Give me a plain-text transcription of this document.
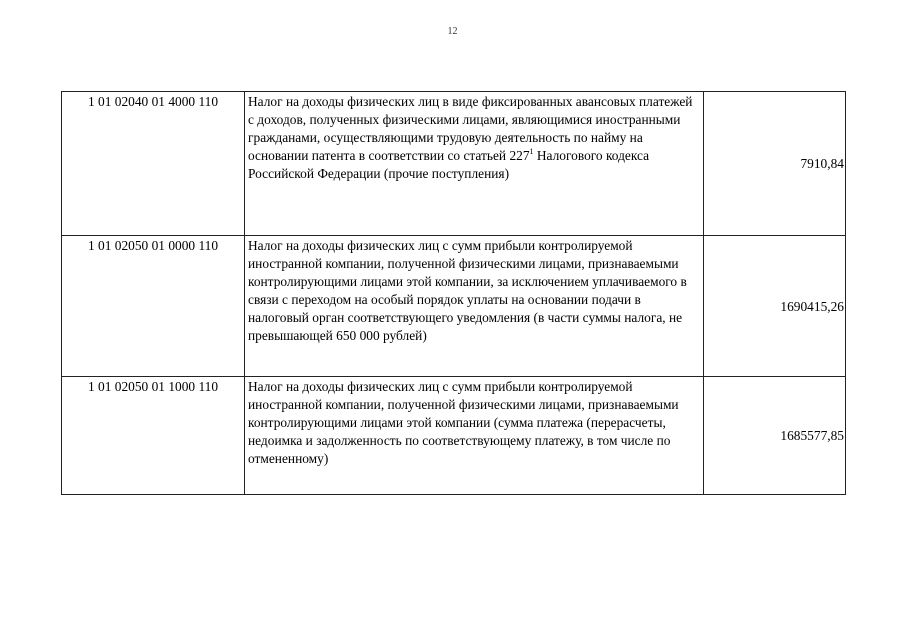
12
1 01 02040 01 4000 110	Налог на доходы физических лиц в виде фиксированных авансовых платежей с доходов, полученных физическими лицами, являющимися иностранными гражданами, осуществляющими трудовую деятельность по найму на основании патента в соответствии со статьей $227^1$ Налогового кодекса Российской Федерации (прочие поступления)	7910,84
1 01 02050 01 0000 110	Налог на доходы физических лиц с сумм прибыли контролируемой иностранной компании, полученной физическими лицами, признаваемыми контролирующими лицами этой компании, за исключением уплачиваемого в связи с переходом на особый порядок уплаты на основании подачи в налоговый орган соответствующего уведомления (в части суммы налога, не превышающей 650 000 рублей)	1690415,26
1 01 02050 01 1000 110	Налог на доходы физических лиц с сумм прибыли контролируемой иностранной компании, полученной физическими лицами, признаваемыми контролирующими лицами этой компании (сумма платежа (перерасчеты, недоимка и задолженность по соответствующему платежу, в том числе по отмененному)	1685577,85
